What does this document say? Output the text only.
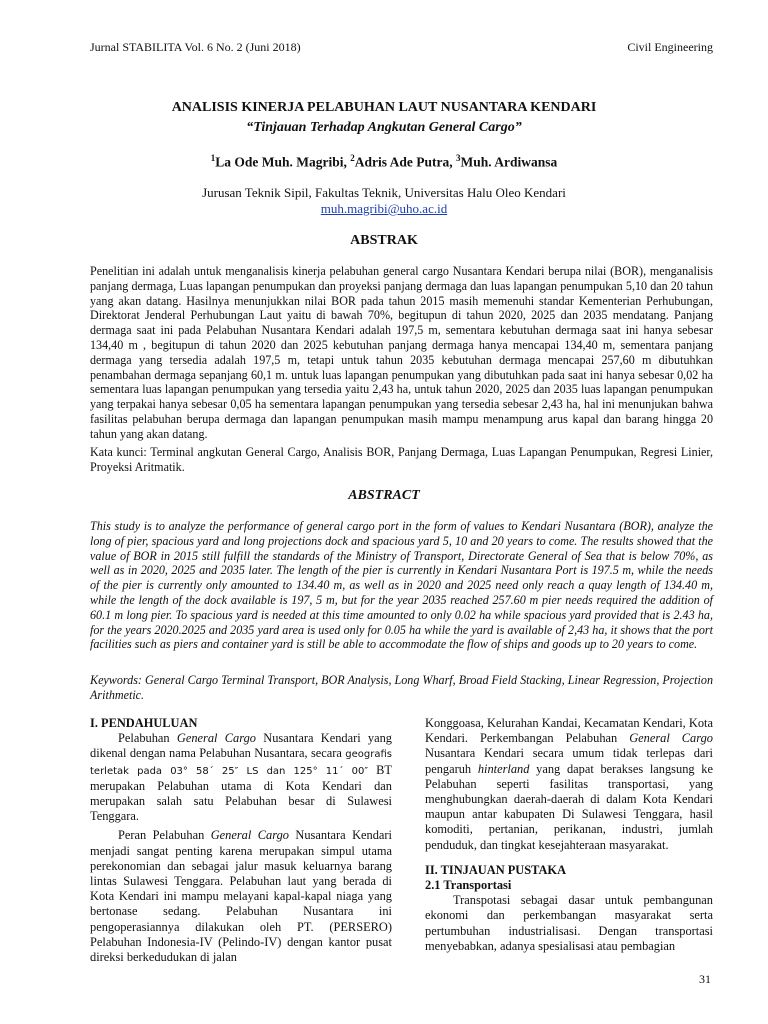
Jurnal STABILITA Vol. 6 No. 2 (Juni 2018)	Civil Engineering
ANALISIS KINERJA PELABUHAN LAUT NUSANTARA KENDARI
“Tinjauan Terhadap Angkutan General Cargo”
$^1$La Ode Muh. Magribi, $^2$Adris Ade Putra, $^3$Muh. Ardiwansa
Jurusan Teknik Sipil, Fakultas Teknik, Universitas Halu Oleo Kendari
muh.magribi@uho.ac.id
ABSTRAK
Penelitian ini adalah untuk menganalisis kinerja pelabuhan general cargo Nusantara Kendari berupa nilai (BOR), menganalisis panjang dermaga, Luas lapangan penumpukan dan proyeksi panjang dermaga dan luas lapangan penumpukan 5,10 dan 20 tahun yang akan datang. Hasilnya menunjukkan nilai BOR pada tahun 2015 masih memenuhi standar Kementerian Perhubungan, Direktorat Jenderal Perhubungan Laut yaitu di bawah 70%, begitupun di tahun 2020, 2025 dan 2035 mendatang. Panjang dermaga saat ini pada Pelabuhan Nusantara Kendari adalah 197,5 m, sementara kebutuhan dermaga saat ini hanya sebesar 134,40 m , begitupun di tahun 2020 dan 2025 kebutuhan panjang dermaga hanya mencapai 134,40 m, sementara panjang dermaga yang tersedia adalah 197,5 m, tetapi untuk tahun 2035 kebutuhan dermaga mencapai 257,60 m dibutuhkan penambahan dermaga sepanjang 60,1 m. untuk luas lapangan penumpukan yang dibutuhkan pada saat ini hanya sebesar 0,02 ha sementara luas lapangan penumpukan yang tersedia yaitu 2,43 ha, untuk tahun 2020, 2025 dan 2035 luas lapangan penumpukan yang terpakai hanya sebesar 0,05 ha sementara lapangan penumpukan yang tersedia sebesar 2,43 ha, hal ini menunjukan bahwa fasilitas pelabuhan berupa dermaga dan lapangan penumpukan masih mampu menampung arus kapal dan barang hingga 20 tahun yang akan datang.
Kata kunci: Terminal angkutan General Cargo, Analisis BOR, Panjang Dermaga, Luas Lapangan Penumpukan, Regresi Linier, Proyeksi Aritmatik.
ABSTRACT
This study is to analyze the performance of general cargo port in the form of values to Kendari Nusantara (BOR), analyze the long of pier, spacious yard and long projections dock and spacious yard 5, 10 and 20 years to come. The results showed that the value of BOR in 2015 still fulfill the standards of the Ministry of Transport, Directorate General of Sea that is below 70%, as well as in 2020, 2025 and 2035 later. The length of the pier is currently in Kendari Nusantara Port is 197.5 m, while the needs of the pier is currently only amounted to 134.40 m, as well as in 2020 and 2025 need only reach a quay length of 134.40 m, while the length of the dock available is 197, 5 m, but for the year 2035 reached 257.60 m pier needs required the addition of 60.1 m long pier. To spacious yard is needed at this time amounted to only 0.02 ha while spacious yard provided that is 2.43 ha, for the years 2020.2025 and 2035 yard area is used only for 0.05 ha while the yard is available of 2,43 ha, it shows that the port facilities such as piers and container yard is still be able to accommodate the flow of ships and goods up to 20 years to come.
Keywords: General Cargo Terminal Transport, BOR Analysis, Long Wharf, Broad Field Stacking, Linear Regression, Projection Arithmetic.

I. PENDAHULUAN

Pelabuhan General Cargo Nusantara Kendari yang dikenal dengan nama Pelabuhan Nusantara, secara geografis terletak pada 03° 58´ 25″ LS dan 125° 11´ 00″ BT merupakan Pelabuhan utama di Kota Kendari dan merupakan salah satu Pelabuhan besar di Sulawesi Tenggara.

Peran Pelabuhan General Cargo Nusantara Kendari menjadi sangat penting karena merupakan simpul utama perekonomian dan sebagai jalur masuk keluarnya barang lintas Sulawesi Tenggara. Pelabuhan laut yang berada di Kota Kendari ini mampu melayani kapal-kapal niaga yang bertonase sedang. Pelabuhan Nusantara ini pengoperasiannya dilakukan oleh PT. (PERSERO) Pelabuhan Indonesia-IV (Pelindo-IV) dengan kantor pusat direksi berkedudukan di jalan

Konggoasa, Kelurahan Kandai, Kecamatan Kendari, Kota Kendari. Perkembangan Pelabuhan General Cargo Nusantara Kendari secara umum tidak terlepas dari pengaruh hinterland yang dapat berakses langsung ke Pelabuhan seperti fasilitas transportasi, yang menghubungkan daerah-daerah di dalam Kota Kendari maupun antar kabupaten Di Sulawesi Tenggara, hasil komoditi, pertanian, perikanan, industri, jumlah penduduk, dan tingkat kesejahteraan masyarakat.

II. TINJAUAN PUSTAKA

2.1 Transportasi

Transpotasi sebagai dasar untuk pembangunan ekonomi dan perkembangan masyarakat serta pertumbuhan industrialisasi. Dengan transportasi menyebabkan, adanya spesialisasi atau pembagian

31
